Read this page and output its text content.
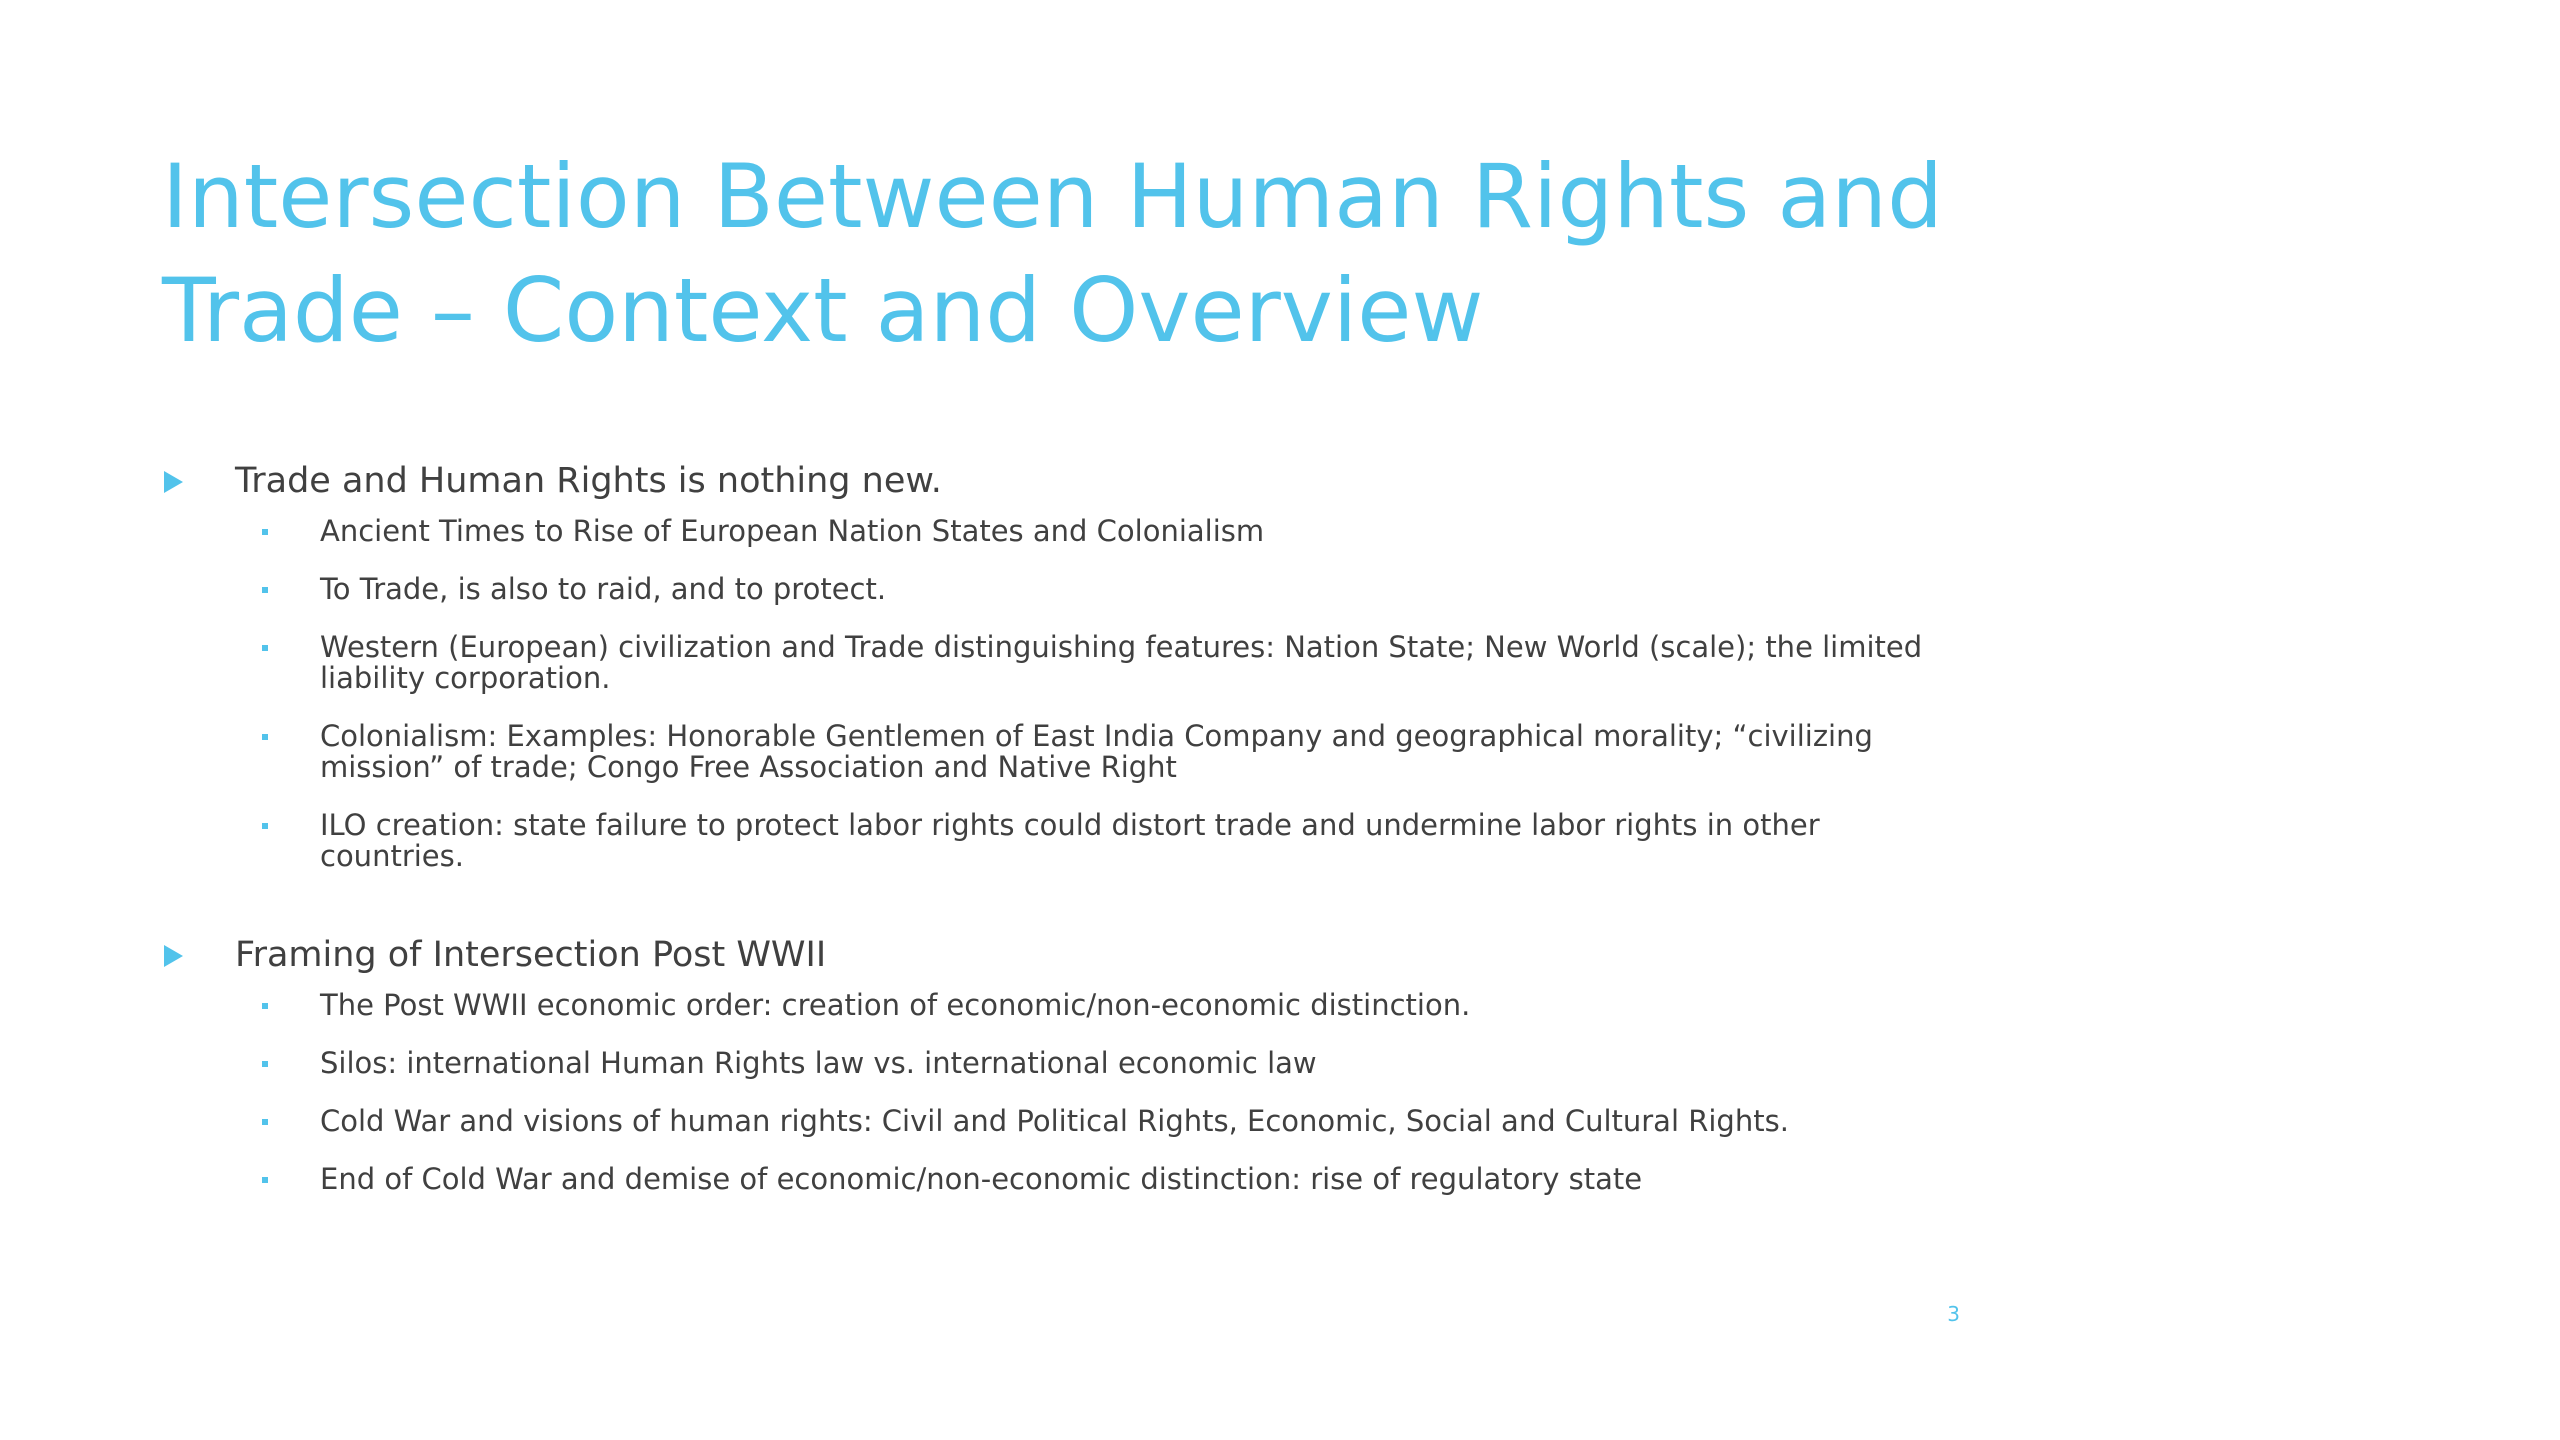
Intersection Between Human Rights and
Trade – Context and Overview
Trade and Human Rights is nothing new.
Ancient Times to Rise of European Nation States and Colonialism
To Trade, is also to raid, and to protect.
Western (European) civilization and Trade distinguishing features: Nation State; New World (scale); the limited
liability corporation.
Colonialism: Examples: Honorable Gentlemen of East India Company and geographical morality; “civilizing
mission” of trade; Congo Free Association and Native Right
ILO creation: state failure to protect labor rights could distort trade and undermine labor rights in other
countries.
Framing of Intersection Post WWII
The Post WWII economic order: creation of economic/non-economic distinction.
Silos: international Human Rights law vs. international economic law
Cold War and visions of human rights: Civil and Political Rights, Economic, Social and Cultural Rights.
End of Cold War and demise of economic/non-economic distinction: rise of regulatory state
3
